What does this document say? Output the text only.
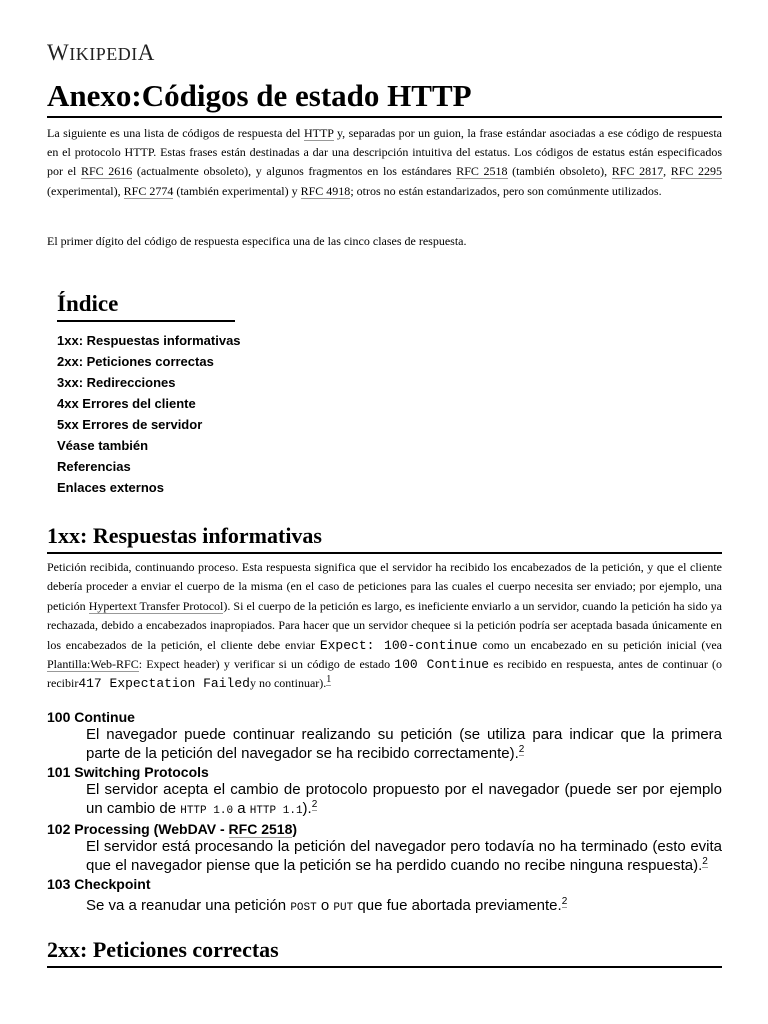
WIKIPEDIA
Anexo:Códigos de estado HTTP
La siguiente es una lista de códigos de respuesta del HTTP y, separadas por un guion, la frase estándar asociadas a ese código de respuesta en el protocolo HTTP. Estas frases están destinadas a dar una descripción intuitiva del estatus. Los códigos de estatus están especificados por el RFC 2616 (actualmente obsoleto), y algunos fragmentos en los estándares RFC 2518 (también obsoleto), RFC 2817, RFC 2295 (experimental), RFC 2774 (también experimental) y RFC 4918; otros no están estandarizados, pero son comúnmente utilizados.
El primer dígito del código de respuesta especifica una de las cinco clases de respuesta.
Índice
1xx: Respuestas informativas
2xx: Peticiones correctas
3xx: Redirecciones
4xx Errores del cliente
5xx Errores de servidor
Véase también
Referencias
Enlaces externos
1xx: Respuestas informativas
Petición recibida, continuando proceso. Esta respuesta significa que el servidor ha recibido los encabezados de la petición, y que el cliente debería proceder a enviar el cuerpo de la misma (en el caso de peticiones para las cuales el cuerpo necesita ser enviado; por ejemplo, una petición Hypertext Transfer Protocol). Si el cuerpo de la petición es largo, es ineficiente enviarlo a un servidor, cuando la petición ha sido ya rechazada, debido a encabezados inapropiados. Para hacer que un servidor chequee si la petición podría ser aceptada basada únicamente en los encabezados de la petición, el cliente debe enviar Expect: 100-continue como un encabezado en su petición inicial (vea Plantilla:Web-RFC: Expect header) y verificar si un código de estado 100 Continue es recibido en respuesta, antes de continuar (o recibir417 Expectation Failedy no continuar).$^1$
100 Continue
El navegador puede continuar realizando su petición (se utiliza para indicar que la primera parte de la petición del navegador se ha recibido correctamente).$^2$
101 Switching Protocols
El servidor acepta el cambio de protocolo propuesto por el navegador (puede ser por ejemplo un cambio de HTTP 1.0 a HTTP 1.1).$^2$
102 Processing (WebDAV - RFC 2518)
El servidor está procesando la petición del navegador pero todavía no ha terminado (esto evita que el navegador piense que la petición se ha perdido cuando no recibe ninguna respuesta).$^2$
103 Checkpoint
Se va a reanudar una petición POST o PUT que fue abortada previamente.$^2$
2xx: Peticiones correctas
